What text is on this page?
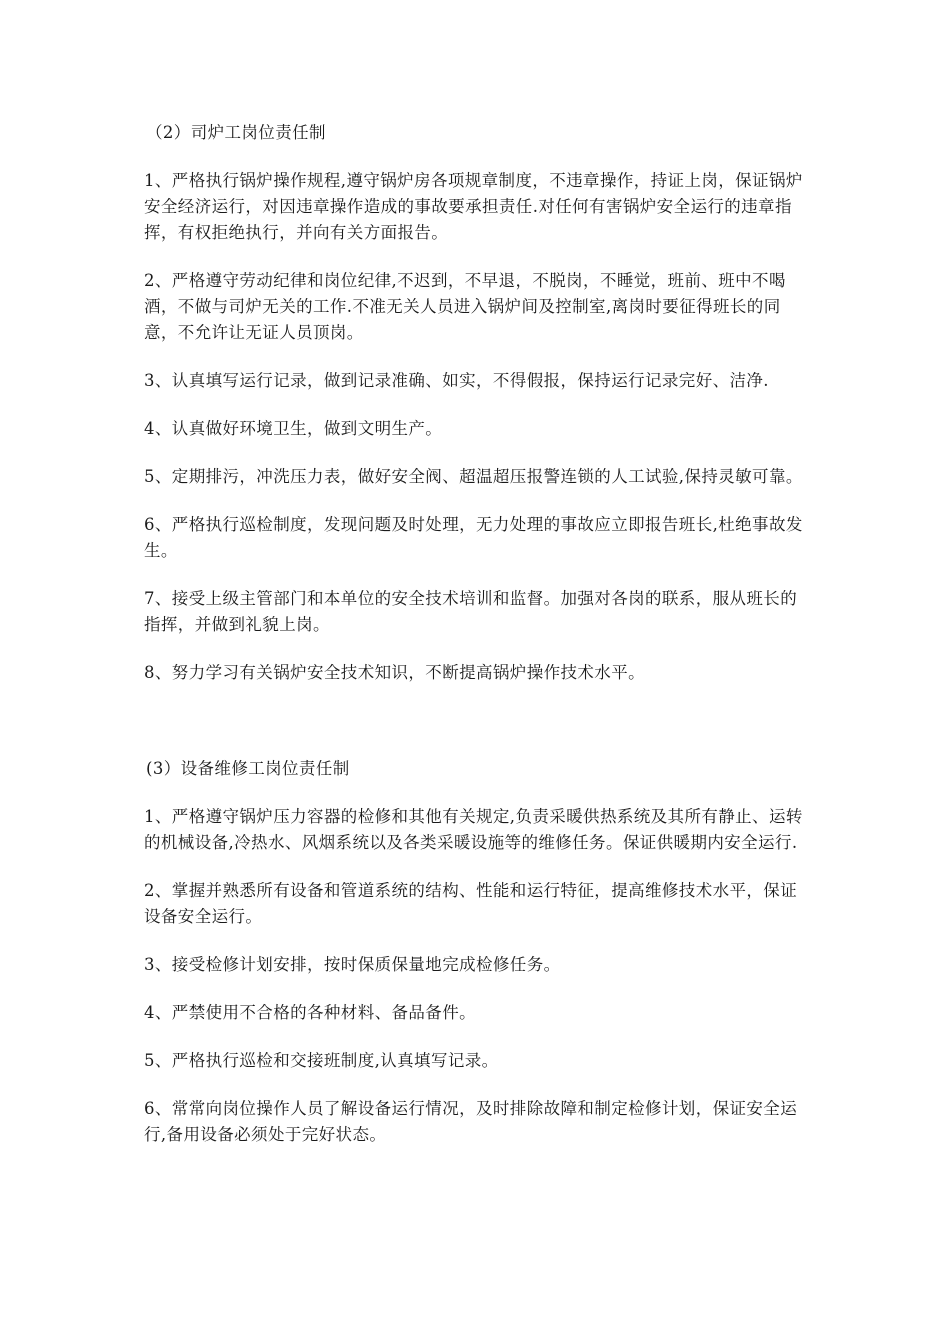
（2）司炉工岗位责任制

1、严格执行锅炉操作规程,遵守锅炉房各项规章制度，不违章操作，持证上岗，保证锅炉安全经济运行，对因违章操作造成的事故要承担责任.对任何有害锅炉安全运行的违章指挥，有权拒绝执行，并向有关方面报告。

2、严格遵守劳动纪律和岗位纪律,不迟到，不早退，不脱岗，不睡觉，班前、班中不喝酒，不做与司炉无关的工作.不准无关人员进入锅炉间及控制室,离岗时要征得班长的同意，不允许让无证人员顶岗。

3、认真填写运行记录，做到记录准确、如实，不得假报，保持运行记录完好、洁净.

4、认真做好环境卫生，做到文明生产。

5、定期排污，冲洗压力表，做好安全阀、超温超压报警连锁的人工试验,保持灵敏可靠。

6、严格执行巡检制度，发现问题及时处理，无力处理的事故应立即报告班长,杜绝事故发生。

7、接受上级主管部门和本单位的安全技术培训和监督。加强对各岗的联系，服从班长的指挥，并做到礼貌上岗。

8、努力学习有关锅炉安全技术知识，不断提高锅炉操作技术水平。

(3）设备维修工岗位责任制

1、严格遵守锅炉压力容器的检修和其他有关规定,负责采暖供热系统及其所有静止、运转的机械设备,冷热水、风烟系统以及各类采暖设施等的维修任务。保证供暖期内安全运行.

2、掌握并熟悉所有设备和管道系统的结构、性能和运行特征，提高维修技术水平，保证设备安全运行。

3、接受检修计划安排，按时保质保量地完成检修任务。

4、严禁使用不合格的各种材料、备品备件。

5、严格执行巡检和交接班制度,认真填写记录。

6、常常向岗位操作人员了解设备运行情况，及时排除故障和制定检修计划，保证安全运行,备用设备必须处于完好状态。
